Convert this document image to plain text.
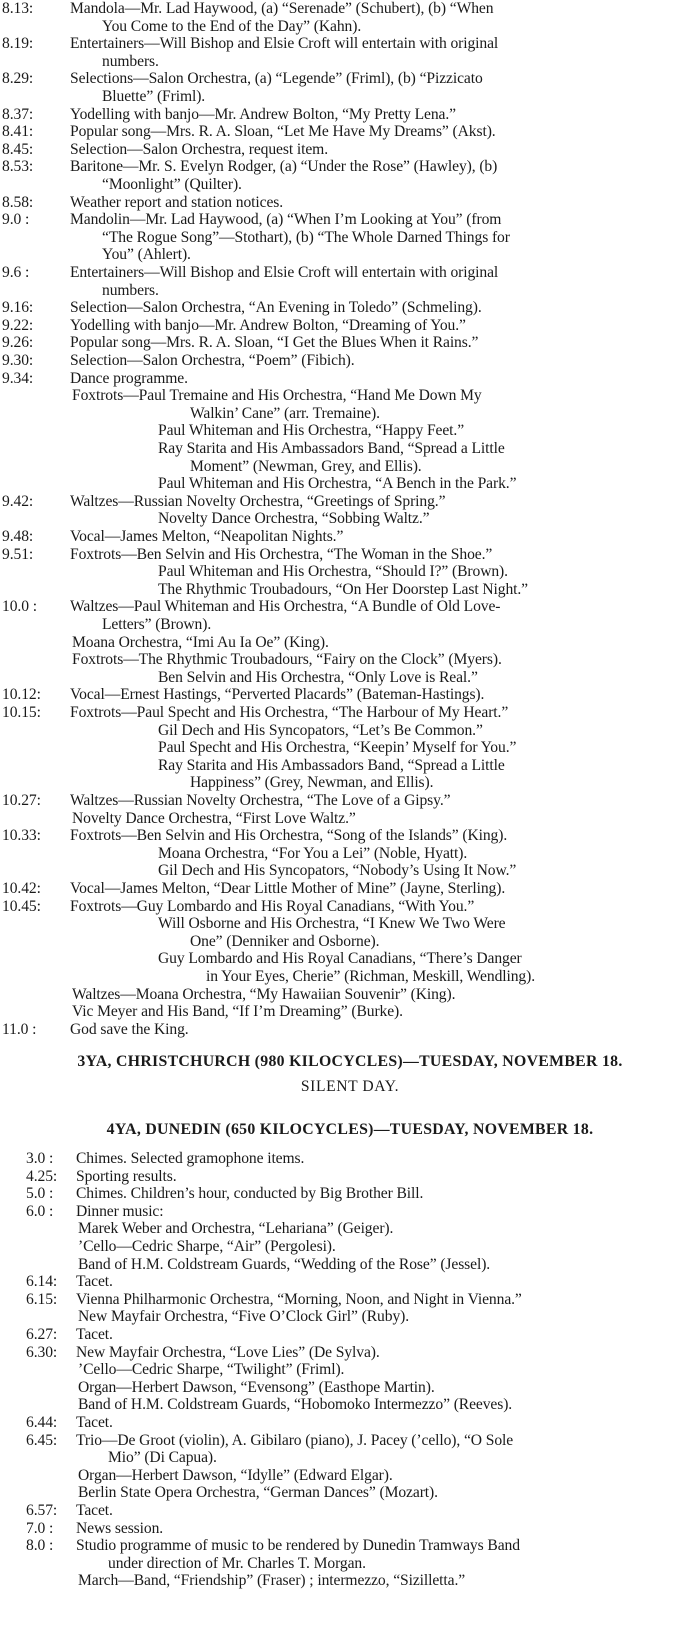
8.13: Mandola—Mr. Lad Haywood, (a) “Serenade” (Schubert), (b) “When
You Come to the End of the Day” (Kahn).
8.19: Entertainers—Will Bishop and Elsie Croft will entertain with original
numbers.
8.29: Selections—Salon Orchestra, (a) “Legende” (Friml), (b) “Pizzicato
Bluette” (Friml).
8.37: Yodelling with banjo—Mr. Andrew Bolton, “My Pretty Lena.”
8.41: Popular song—Mrs. R. A. Sloan, “Let Me Have My Dreams” (Akst).
8.45: Selection—Salon Orchestra, request item.
8.53: Baritone—Mr. S. Evelyn Rodger, (a) “Under the Rose” (Hawley), (b)
“Moonlight” (Quilter).
8.58: Weather report and station notices.
9.0 :	Mandolin—Mr. Lad Haywood, (a) “When I’m Looking at You” (from
“The Rogue Song”—Stothart), (b) “The Whole Darned Things for
You” (Ahlert).
9.6 :	Entertainers—Will Bishop and Elsie Croft will entertain with original
numbers.
9.16: Selection—Salon Orchestra, “An Evening in Toledo” (Schmeling).
9.22: Yodelling with banjo—Mr. Andrew Bolton, “Dreaming of You.”
9.26: Popular song—Mrs. R. A. Sloan, “I Get the Blues When it Rains.”
9.30: Selection—Salon Orchestra, “Poem” (Fibich).
9.34: Dance programme.
Foxtrots—Paul Tremaine and His Orchestra, “Hand Me Down My
Walkin’ Cane” (arr. Tremaine).
Paul Whiteman and His Orchestra, “Happy Feet.”
Ray Starita and His Ambassadors Band, “Spread a Little
Moment” (Newman, Grey, and Ellis).
Paul Whiteman and His Orchestra, “A Bench in the Park.”
9.42: Waltzes—Russian Novelty Orchestra, “Greetings of Spring.”
Novelty Dance Orchestra, “Sobbing Waltz.”
9.48: Vocal—James Melton, “Neapolitan Nights.”
9.51: Foxtrots—Ben Selvin and His Orchestra, “The Woman in the Shoe.”
Paul Whiteman and His Orchestra, “Should I?” (Brown).
The Rhythmic Troubadours, “On Her Doorstep Last Night.”
10.0 : Waltzes—Paul Whiteman and His Orchestra, “A Bundle of Old Love-
Letters” (Brown).
Moana Orchestra, “Imi Au Ia Oe” (King).
Foxtrots—The Rhythmic Troubadours, “Fairy on the Clock” (Myers).
Ben Selvin and His Orchestra, “Only Love is Real.”
10.12: Vocal—Ernest Hastings, “Perverted Placards” (Bateman-Hastings).
10.15: Foxtrots—Paul Specht and His Orchestra, “The Harbour of My Heart.”
Gil Dech and His Syncopators, “Let’s Be Common.”
Paul Specht and His Orchestra, “Keepin’ Myself for You.”
Ray Starita and His Ambassadors Band, “Spread a Little
Happiness” (Grey, Newman, and Ellis).
10.27: Waltzes—Russian Novelty Orchestra, “The Love of a Gipsy.”
Novelty Dance Orchestra, “First Love Waltz.”
10.33: Foxtrots—Ben Selvin and His Orchestra, “Song of the Islands” (King).
Moana Orchestra, “For You a Lei” (Noble, Hyatt).
Gil Dech and His Syncopators, “Nobody’s Using It Now.”
10.42: Vocal—James Melton, “Dear Little Mother of Mine” (Jayne, Sterling).
10.45: Foxtrots—Guy Lombardo and His Royal Canadians, “With You.”
Will Osborne and His Orchestra, “I Knew We Two Were
One” (Denniker and Osborne).
Guy Lombardo and His Royal Canadians, “There’s Danger
in Your Eyes, Cherie” (Richman, Meskill, Wendling).
Waltzes—Moana Orchestra, “My Hawaiian Souvenir” (King).
Vic Meyer and His Band, “If I’m Dreaming” (Burke).
11.0 : God save the King.
3YA, CHRISTCHURCH (980 KILOCYCLES)—TUESDAY, NOVEMBER 18.
SILENT DAY.
4YA, DUNEDIN (650 KILOCYCLES)—TUESDAY, NOVEMBER 18.
3.0 : Chimes. Selected gramophone items.
4.25: Sporting results.
5.0 : Chimes. Children’s hour, conducted by Big Brother Bill.
6.0 : Dinner music:
Marek Weber and Orchestra, “Lehariana” (Geiger).
’Cello—Cedric Sharpe, “Air” (Pergolesi).
Band of H.M. Coldstream Guards, “Wedding of the Rose” (Jessel).
6.14: Tacet.
6.15: Vienna Philharmonic Orchestra, “Morning, Noon, and Night in Vienna.”
New Mayfair Orchestra, “Five O’Clock Girl” (Ruby).
6.27: Tacet.
6.30: New Mayfair Orchestra, “Love Lies” (De Sylva).
’Cello—Cedric Sharpe, “Twilight” (Friml).
Organ—Herbert Dawson, “Evensong” (Easthope Martin).
Band of H.M. Coldstream Guards, “Hobomoko Intermezzo” (Reeves).
6.44: Tacet.
6.45: Trio—De Groot (violin), A. Gibilaro (piano), J. Pacey (’cello), “O Sole
Mio” (Di Capua).
Organ—Herbert Dawson, “Idylle” (Edward Elgar).
Berlin State Opera Orchestra, “German Dances” (Mozart).
6.57: Tacet.
7.0 : News session.
8.0 : Studio programme of music to be rendered by Dunedin Tramways Band
under direction of Mr. Charles T. Morgan.
March—Band, “Friendship” (Fraser) ; intermezzo, “Sizilletta.”
